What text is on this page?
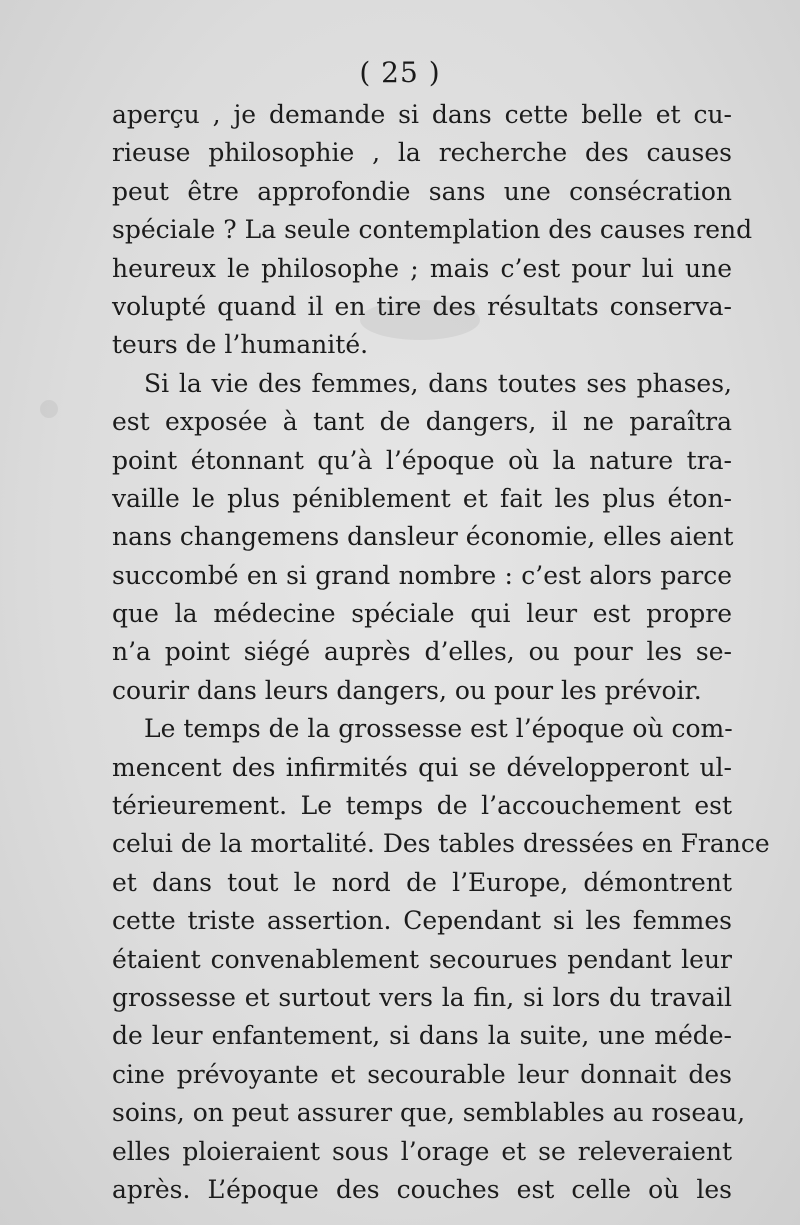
( 25 )
aperçu , je demande si dans cette belle et cu-
rieuse philosophie , la recherche des causes
peut être approfondie sans une consécration
spéciale ? La seule contemplation des causes rend
heureux le philosophe ; mais c’est pour lui une
volupté quand il en tire des résultats conserva-
teurs de l’humanité.
Si la vie des femmes, dans toutes ses phases,
est exposée à tant de dangers, il ne paraîtra
point étonnant qu’à l’époque où la nature tra-
vaille le plus péniblement et fait les plus éton-
nans changemens dansleur économie, elles aient
succombé en si grand nombre : c’est alors parce
que la médecine spéciale qui leur est propre
n’a point siégé auprès d’elles, ou pour les se-
courir dans leurs dangers, ou pour les prévoir.
Le temps de la grossesse est l’époque où com-
mencent des infirmités qui se développeront ul-
térieurement. Le temps de l’accouchement est
celui de la mortalité. Des tables dressées en France
et dans tout le nord de l’Europe, démontrent
cette triste assertion. Cependant si les femmes
étaient convenablement secourues pendant leur
grossesse et surtout vers la fin, si lors du travail
de leur enfantement, si dans la suite, une méde-
cine prévoyante et secourable leur donnait des
soins, on peut assurer que, semblables au roseau,
elles ploieraient sous l’orage et se releveraient
après. L’époque des couches est celle où les
